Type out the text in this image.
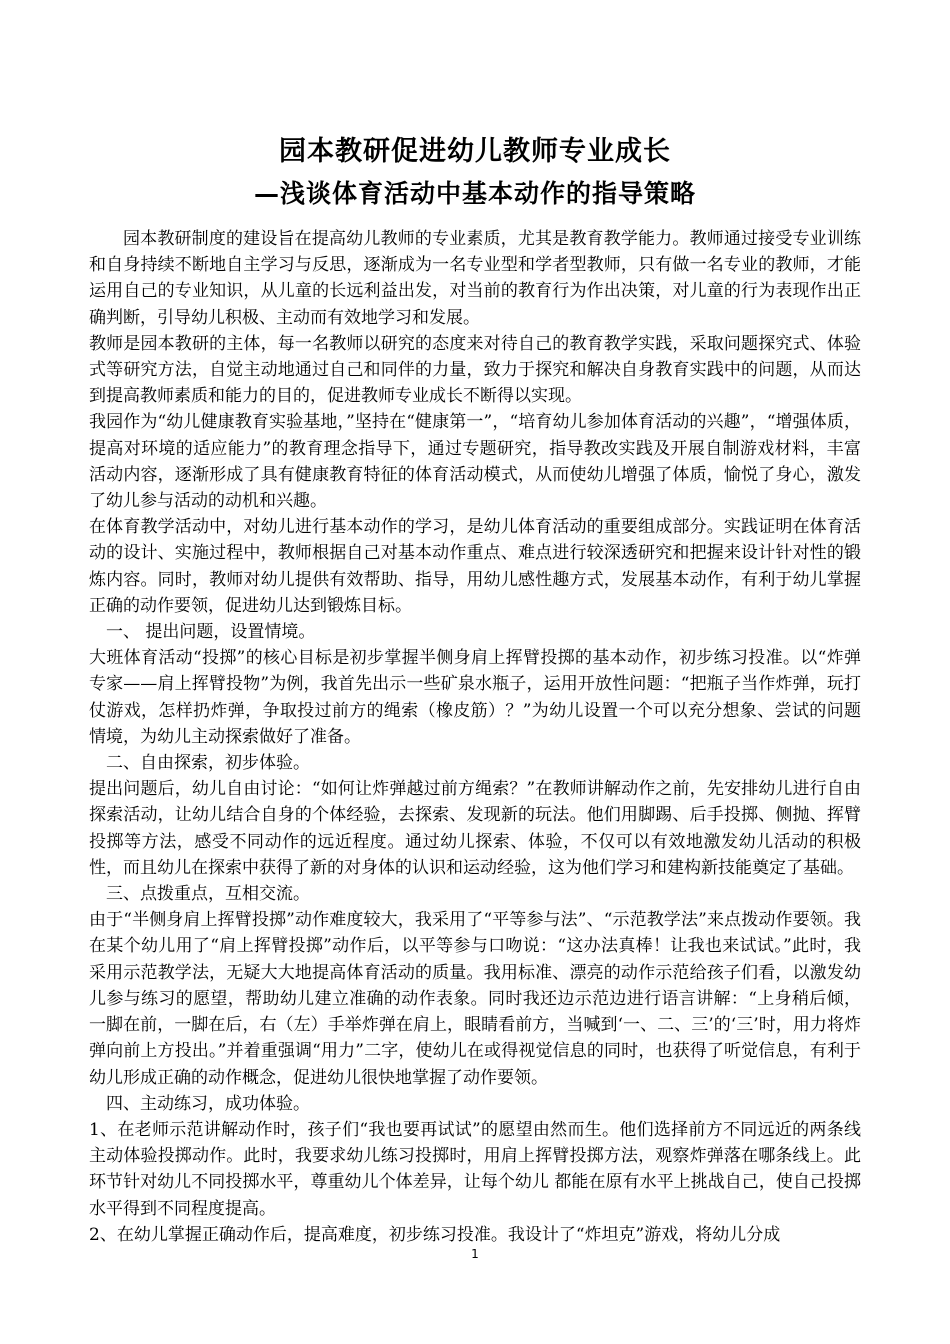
园本教研促进幼儿教师专业成长
—浅谈体育活动中基本动作的指导策略

园本教研制度的建设旨在提高幼儿教师的专业素质，尤其是教育教学能力。教师通过接受专业训练和自身持续不断地自主学习与反思，逐渐成为一名专业型和学者型教师，只有做一名专业的教师，才能运用自己的专业知识，从儿童的长远利益出发，对当前的教育行为作出决策，对儿童的行为表现作出正确判断，引导幼儿积极、主动而有效地学习和发展。

教师是园本教研的主体，每一名教师以研究的态度来对待自己的教育教学实践，采取问题探究式、体验式等研究方法，自觉主动地通过自己和同伴的力量，致力于探究和解决自身教育实践中的问题，从而达到提高教师素质和能力的目的，促进教师专业成长不断得以实现。

我园作为“幼儿健康教育实验基地，”坚持在“健康第一”，“培育幼儿参加体育活动的兴趣”，“增强体质，提高对环境的适应能力”的教育理念指导下，通过专题研究，指导教改实践及开展自制游戏材料，丰富活动内容，逐渐形成了具有健康教育特征的体育活动模式，从而使幼儿增强了体质，愉悦了身心，激发了幼儿参与活动的动机和兴趣。

在体育教学活动中，对幼儿进行基本动作的学习，是幼儿体育活动的重要组成部分。实践证明在体育活动的设计、实施过程中，教师根据自己对基本动作重点、难点进行较深透研究和把握来设计针对性的锻炼内容。同时，教师对幼儿提供有效帮助、指导，用幼儿感性趣方式，发展基本动作，有利于幼儿掌握正确的动作要领，促进幼儿达到锻炼目标。

一、 提出问题，设置情境。

大班体育活动“投掷”的核心目标是初步掌握半侧身肩上挥臂投掷的基本动作，初步练习投准。以“炸弹专家——肩上挥臂投物”为例，我首先出示一些矿泉水瓶子，运用开放性问题：“把瓶子当作炸弹，玩打仗游戏，怎样扔炸弹，争取投过前方的绳索（橡皮筋）？”为幼儿设置一个可以充分想象、尝试的问题情境，为幼儿主动探索做好了准备。

二、自由探索，初步体验。

提出问题后，幼儿自由讨论：“如何让炸弹越过前方绳索？”在教师讲解动作之前，先安排幼儿进行自由探索活动，让幼儿结合自身的个体经验，去探索、发现新的玩法。他们用脚踢、后手投掷、侧抛、挥臂投掷等方法，感受不同动作的远近程度。通过幼儿探索、体验，不仅可以有效地激发幼儿活动的积极性，而且幼儿在探索中获得了新的对身体的认识和运动经验，这为他们学习和建构新技能奠定了基础。

三、点拨重点，互相交流。

由于“半侧身肩上挥臂投掷”动作难度较大，我采用了“平等参与法”、“示范教学法”来点拨动作要领。我在某个幼儿用了“肩上挥臂投掷”动作后，以平等参与口吻说：“这办法真棒！让我也来试试。”此时，我采用示范教学法，无疑大大地提高体育活动的质量。我用标准、漂亮的动作示范给孩子们看，以激发幼儿参与练习的愿望，帮助幼儿建立准确的动作表象。同时我还边示范边进行语言讲解：“上身稍后倾，一脚在前，一脚在后，右（左）手举炸弹在肩上，眼睛看前方，当喊到‘一、二、三’的‘三’时，用力将炸弹向前上方投出。”并着重强调“用力”二字，使幼儿在或得视觉信息的同时，也获得了听觉信息，有利于幼儿形成正确的动作概念，促进幼儿很快地掌握了动作要领。

四、主动练习，成功体验。

1、在老师示范讲解动作时，孩子们“我也要再试试”的愿望由然而生。他们选择前方不同远近的两条线主动体验投掷动作。此时，我要求幼儿练习投掷时，用肩上挥臂投掷方法，观察炸弹落在哪条线上。此环节针对幼儿不同投掷水平，尊重幼儿个体差异，让每个幼儿 都能在原有水平上挑战自己，使自己投掷水平得到不同程度提高。

2、在幼儿掌握正确动作后，提高难度，初步练习投准。我设计了“炸坦克”游戏，将幼儿分成

1
